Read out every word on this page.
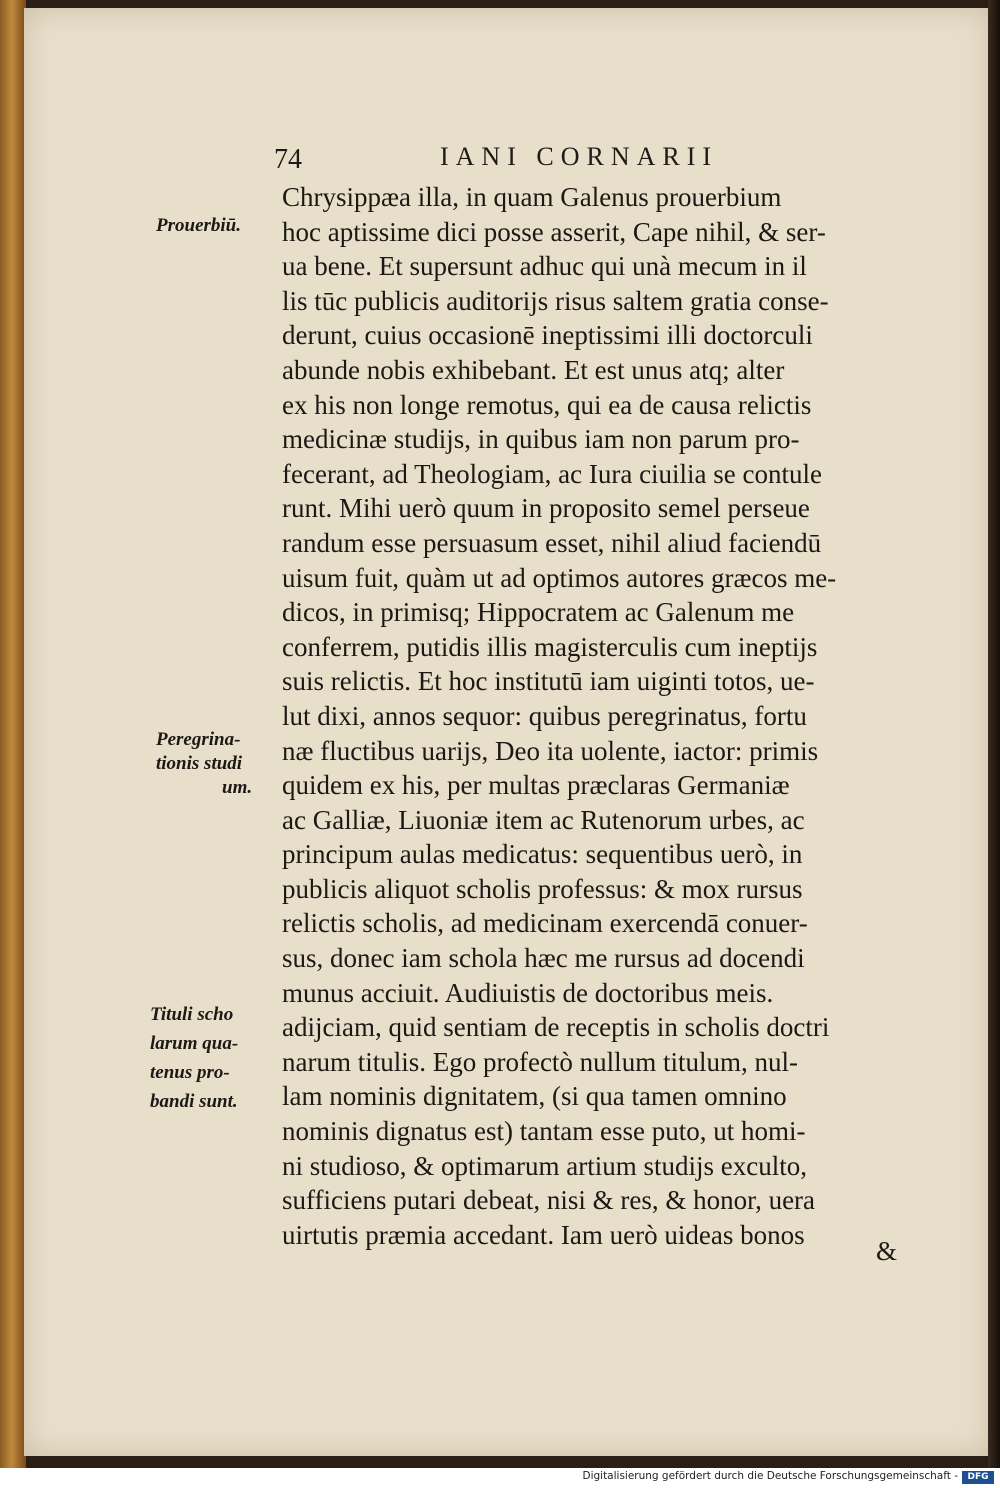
74	IANI CORNARII
Prouerbiū.
Peregrina-
tionis studi
um.
Tituli scho
larum qua-
tenus pro-
bandi sunt.
Chrysippæa illa, in quam Galenus prouerbium
hoc aptissime dici posse asserit, Cape nihil, & ser-
ua bene. Et supersunt adhuc qui unà mecum in il
lis tūc publicis auditorijs risus saltem gratia conse-
derunt, cuius occasionē ineptissimi illi doctorculi
abunde nobis exhibebant. Et est unus atq; alter
ex his non longe remotus, qui ea de causa relictis
medicinæ studijs, in quibus iam non parum pro-
fecerant, ad Theologiam, ac Iura ciuilia se contule
runt. Mihi uerò quum in proposito semel perseue
randum esse persuasum esset, nihil aliud faciendū
uisum fuit, quàm ut ad optimos autores græcos me-
dicos, in primisq; Hippocratem ac Galenum me
conferrem, putidis illis magisterculis cum ineptijs
suis relictis. Et hoc institutū iam uiginti totos, ue-
lut dixi, annos sequor: quibus peregrinatus, fortu
næ fluctibus uarijs, Deo ita uolente, iactor: primis
quidem ex his, per multas præclaras Germaniæ
ac Galliæ, Liuoniæ item ac Rutenorum urbes, ac
principum aulas medicatus: sequentibus uerò, in
publicis aliquot scholis professus: & mox rursus
relictis scholis, ad medicinam exercendā conuer-
sus, donec iam schola hæc me rursus ad docendi
munus acciuit. Audiuistis de doctoribus meis.
adijciam, quid sentiam de receptis in scholis doctri
narum titulis. Ego profectò nullum titulum, nul-
lam nominis dignitatem, (si qua tamen omnino
nominis dignatus est) tantam esse puto, ut homi-
ni studioso, & optimarum artium studijs exculto,
sufficiens putari debeat, nisi & res, & honor, uera
uirtutis præmia accedant. Iam uerò uideas bonos
&
Digitalisierung gefördert durch die Deutsche Forschungsgemeinschaft -	DFG
